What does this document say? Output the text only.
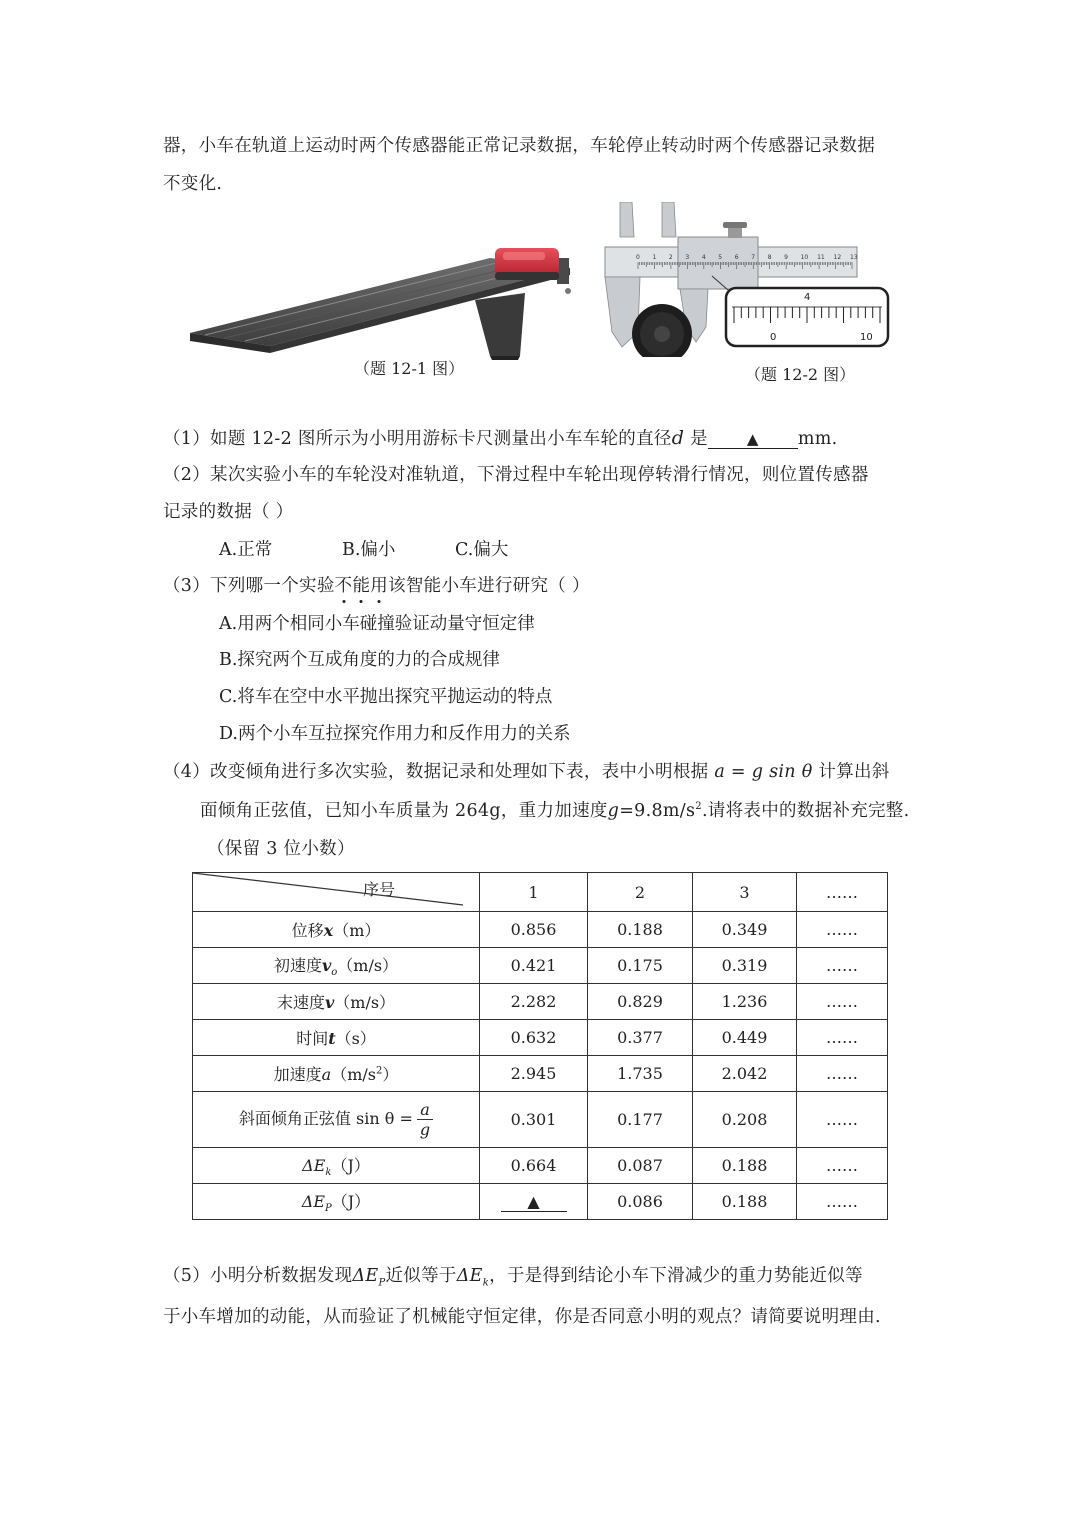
器，小车在轨道上运动时两个传感器能正常记录数据，车轮停止转动时两个传感器记录数据
不变化.
（题 12-1 图）
0 1 2 3 4 5 6 7 8 9 10 11 12 13
4
0	10
（题 12-2 图）
（1）如题 12-2 图所示为小明用游标卡尺测量出小车车轮的直径d 是	▲ mm.
（2）某次实验小车的车轮没对准轨道，下滑过程中车轮出现停转滑行情况，则位置传感器
记录的数据（ ）
A.正常	B.偏小	C.偏大
（3）下列哪一个实验不
能
用
该智能小车进行研究（ ）
A.用两个相同小车碰撞验证动量守恒定律
B.探究两个互成角度的力的合成规律
C.将车在空中水平抛出探究平抛运动的特点
D.两个小车互拉探究作用力和反作用力的关系
（4）改变倾角进行多次实验，数据记录和处理如下表，表中小明根据 a = g sin θ 计算出斜
面倾角正弦值，已知小车质量为 264g，重力加速度$g=9.8m/s^2$.请将表中的数据补充完整.
（保留 3 位小数）
序号	1	2	3	……
位移x（m）	0.856	0.188	0.349	……
初速度$v_o(m/s)$	0.421	0.175	0.319	……
末速度v（m/s）	2.282	0.829	1.236	……
时间t（s）	0.632	0.377	0.449	……
加速度$a(m/s^2)$	2.945	1.735	2.042	……
斜面倾角正弦值 $\sin \theta = \frac{a}{g}$	0.301	0.177	0.208	……
$\Delta E_k(J)$	0.664	0.087	0.188	……
$\Delta E_P(J)$	▲	0.086	0.188	……
（5）小明分析数据发现$\Delta E_P$近似等于$\Delta E_k$，于是得到结论小车下滑减少的重力势能近似等
于小车增加的动能，从而验证了机械能守恒定律，你是否同意小明的观点？请简要说明理由.
